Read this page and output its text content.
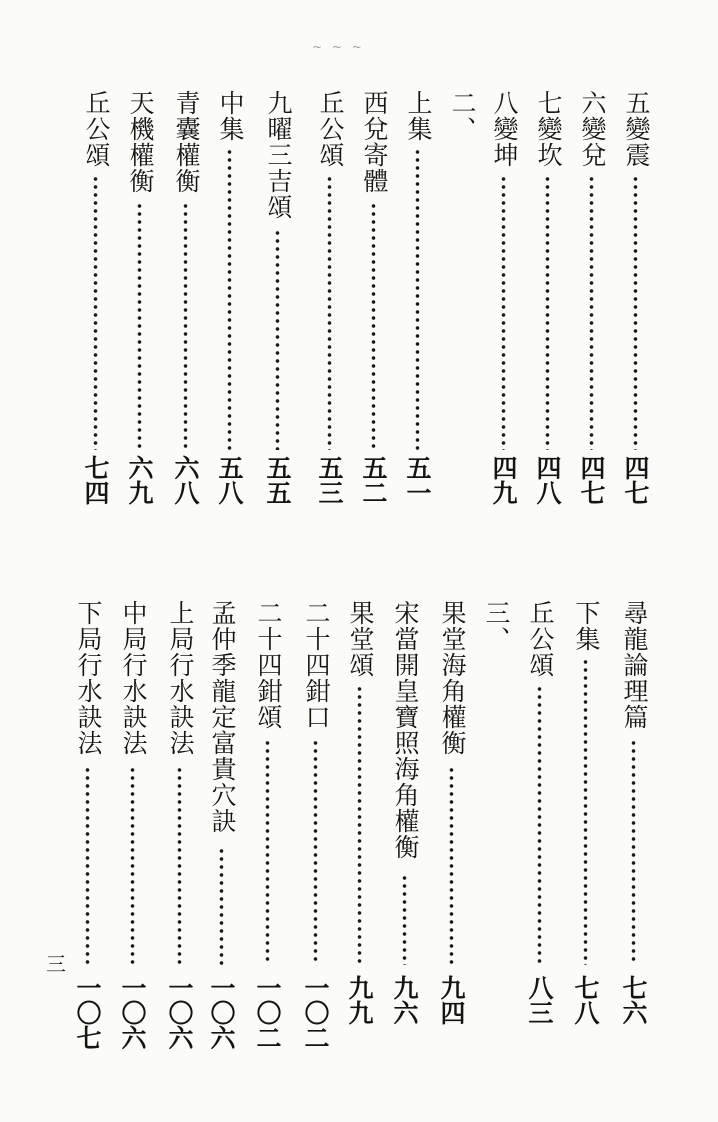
~ ~ ~
五變震
四七
六變兌
四七
七變坎
四八
八變坤
四九
二、
上集
五一
西兌寄體
五二
丘公頌
五三
九曜三吉頌
五五
中集
五八
青囊權衡
六八
天機權衡
六九
丘公頌
七四
尋龍論理篇
七六
下集
七八
丘公頌
八三
三、
果堂海角權衡
九四
宋當開皇寶照海角權衡
九六
果堂頌
九九
二十四鉗口
一〇二
二十四鉗頌
一〇二
孟仲季龍定富貴穴訣
一〇六
上局行水訣法
一〇六
中局行水訣法
一〇六
下局行水訣法
一〇七
三
